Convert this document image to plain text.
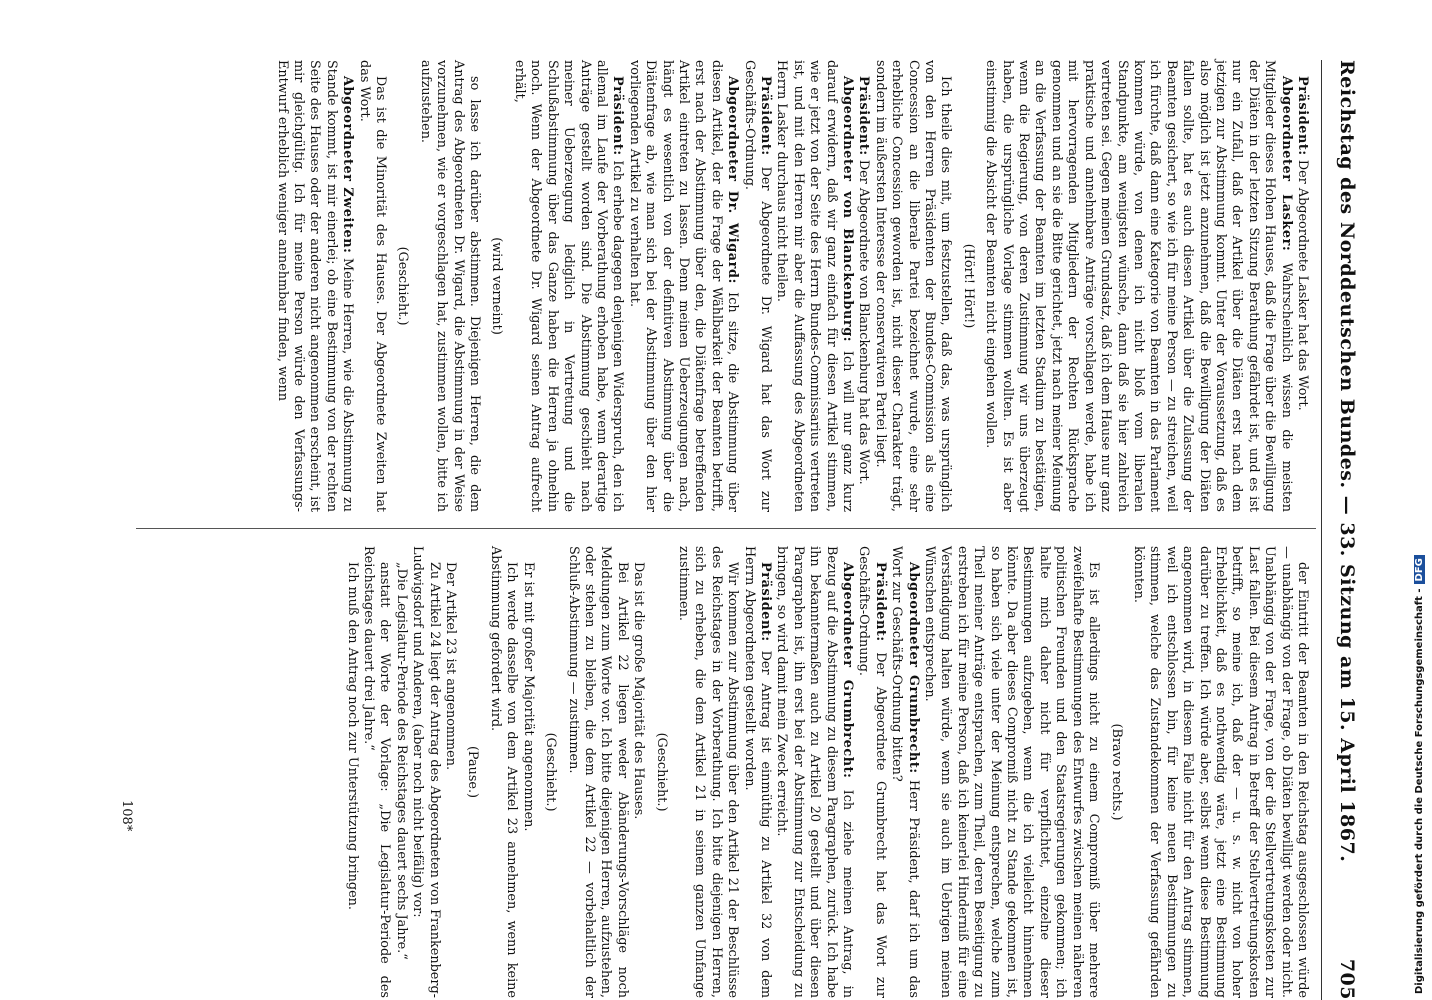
Reichstag des Norddeutschen Bundes. — 33. Sitzung am 15. April 1867.
705

Präsident: Der Abgeordnete Lasker hat das Wort.

Abgeordneter Lasker: Wahrscheinlich wissen die meisten Mitglieder dieses Hohen Hauses, daß die Frage über die Bewilligung der Diäten in der letzten Sitzung Berathung gefährdet ist, und es ist nur ein Zufall, daß der Artikel über die Diäten erst nach dem jetzigen zur Abstimmung kommt. Unter der Voraussetzung, daß es also möglich ist jetzt anzunehmen, daß die Bewilligung der Diäten fallen sollte, hat es auch diesen Artikel über die Zulassung der Beamten gesichert, so wie ich für meine Person — zu streichen, weil ich fürchte, daß dann eine Kategorie von Beamten in das Parlament kommen würde, von denen ich nicht bloß vom liberalen Standpunkte, am wenigsten wünsche, dann daß sie hier zahlreich vertreten sei. Gegen meinen Grundsatz, daß ich dem Hause nur ganz praktische und annehmbare Anträge vorschlagen werde, habe ich mit hervorragenden Mitgliedern der Rechten Rücksprache genommen und an sie die Bitte gerichtet, jetzt nach meiner Meinung an die Verfassung der Beamten im letzten Stadium zu bestätigen, wenn die Regierung, von deren Zustimmung wir uns überzeugt haben, die ursprüngliche Vorlage stimmen wollten. Es ist aber einstimmig die Absicht der Beamten nicht eingehen wollen.

(Hört! Hört!)

Ich theile dies mit, um festzustellen, daß das, was ursprünglich von den Herren Präsidenten der Bundes-Commission als eine Concession an die liberale Partei bezeichnet wurde, eine sehr erhebliche Concession geworden ist, nicht dieser Charakter trägt, sondern im äußersten Interesse der conservativen Partei liegt.

Präsident: Der Abgeordnete von Blanckenburg hat das Wort.

Abgeordneter von Blanckenburg: Ich will nur ganz kurz darauf erwidern, daß wir ganz einfach für diesen Artikel stimmen, wie er jetzt von der Seite des Herrn Bundes-Commissarius vertreten ist, und mit den Herren mir aber die Auffassung des Abgeordneten Herrn Lasker durchaus nicht theilen.

Präsident: Der Abgeordnete Dr. Wigard hat das Wort zur Geschäfts-Ordnung.

Abgeordneter Dr. Wigard: Ich sitze, die Abstimmung über diesen Artikel, der die Frage der Wählbarkeit der Beamten betrifft, erst nach der Abstimmung über den, die Diätenfrage betreffenden Artikel eintreten zu lassen. Denn meinen Ueberzeugungen nach, hängt es wesentlich von der definitiven Abstimmung über die Diätenfrage ab, wie man sich bei der Abstimmung über den hier vorliegenden Artikel zu verhalten hat.

Präsident: Ich erhebe dagegen denjenigen Widerspruch, den ich allemal im Laufe der Vorberathung erhoben habe, wenn derartige Anträge gestellt worden sind. Die Abstimmung geschieht nach meiner Ueberzeugung lediglich in Vertretung und die Schlußabstimmung über das Ganze haben die Herren ja ohnehin noch. Wenn der Abgeordnete Dr. Wigard seinen Antrag aufrecht erhält,

(wird verneint)

so lasse ich darüber abstimmen. Diejenigen Herren, die dem Antrag des Abgeordneten Dr. Wigard, die Abstimmung in der Weise vorzunehmen, wie er vorgeschlagen hat, zustimmen wollen, bitte ich aufzustehen.

(Geschieht.)

Das ist die Minorität des Hauses. Der Abgeordnete Zweiten hat das Wort.

Abgeordneter Zweiten: Meine Herren, wie die Abstimmung zu Stande kommt, ist mir einerlei; ob eine Bestimmung von der rechten Seite des Hauses oder der anderen nicht angenommen erscheint, ist mir gleichgültig. Ich für meine Person würde den Verfassungs-Entwurf erheblich weniger annehmbar finden, wenn

der Eintritt der Beamten in den Reichstag ausgeschlossen würde — unabhängig von der Frage, ob Diäten bewilligt werden oder nicht. Unabhängig von der Frage, von der die Stellvertretungskosten zur Last fallen. Bei diesem Antrag in Betreff der Stellvertretungskosten betrifft, so meine ich, daß der — u. s. w. nicht von hoher Erheblichkeit, daß es nothwendig wäre, jetzt eine Bestimmung darüber zu treffen. Ich würde aber, selbst wenn diese Bestimmung angenommen wird, in diesem Falle nicht für den Antrag stimmen, weil ich entschlossen bin, für keine neuen Bestimmungen zu stimmen, welche das Zustandekommen der Verfassung gefährden könnten.

(Bravo rechts.)

Es ist allerdings nicht zu einem Compromiß über mehrere zweifelhafte Bestimmungen des Entwurfes zwischen meinen näheren politischen Freunden und den Staatsregierungen gekommen; ich halte mich daher nicht für verpflichtet, einzelne dieser Bestimmungen aufzugeben, wenn die ich vielleicht hinnehmen könnte. Da aber dieses Compromiß nicht zu Stande gekommen ist, so haben sich viele unter der Meinung entsprechen, welche zum Theil meiner Anträge entsprachen, zum Theil, deren Beseitigung zu erstreben ich für meine Person, daß ich keinerlei Hinderniß für eine Verständigung halten würde, wenn sie auch im Uebrigen meinen Wünschen entsprechen.

Abgeordneter Grumbrecht: Herr Präsident, darf ich um das Wort zur Geschäfts-Ordnung bitten?

Präsident: Der Abgeordnete Grumbrecht hat das Wort zur Geschäfts-Ordnung.

Abgeordneter Grumbrecht: Ich ziehe meinen Antrag, in Bezug auf die Abstimmung zu diesem Paragraphen, zurück. Ich habe ihn bekanntermaßen auch zu Artikel 20 gestellt und über diesen Paragraphen ist, ihn erst bei der Abstimmung zur Entscheidung zu bringen, so wird damit mein Zweck erreicht.

Präsident: Der Antrag ist einmüthig zu Artikel 32 von dem Herrn Abgeordneten gestellt worden.

Wir kommen zur Abstimmung über den Artikel 21 der Beschlüsse des Reichstages in der Vorberathung. Ich bitte diejenigen Herren, sich zu erheben, die dem Artikel 21 in seinem ganzen Umfange zustimmen.

(Geschieht.)

Das ist die große Majorität des Hauses.

Bei Artikel 22 liegen weder Abänderungs-Vorschläge noch Meldungen zum Worte vor. Ich bitte diejenigen Herren, aufzustehen, oder stehen zu bleiben, die dem Artikel 22 — vorbehaltlich der Schluß-Abstimmung — zustimmen.

(Geschieht.)

Er ist mit großer Majorität angenommen.

Ich werde dasselbe von dem Artikel 23 annehmen, wenn keine Abstimmung gefordert wird.

(Pause.)

Der Artikel 23 ist angenommen.

Zu Artikel 24 liegt der Antrag des Abgeordneten von Frankenberg-Ludwigsdorf und Anderen, (aber noch nicht beifälig) vor:

„Die Legislatur-Periode des Reichstages dauert sechs Jahre.“

anstatt der Worte der Vorlage: „Die Legislatur-Periode des Reichstages dauert drei Jahre.“

Ich muß den Antrag noch zur Unterstützung bringen.

108*	Digitalisierung gefördert durch die Deutsche Forschungsgemeinschaft -DFG
